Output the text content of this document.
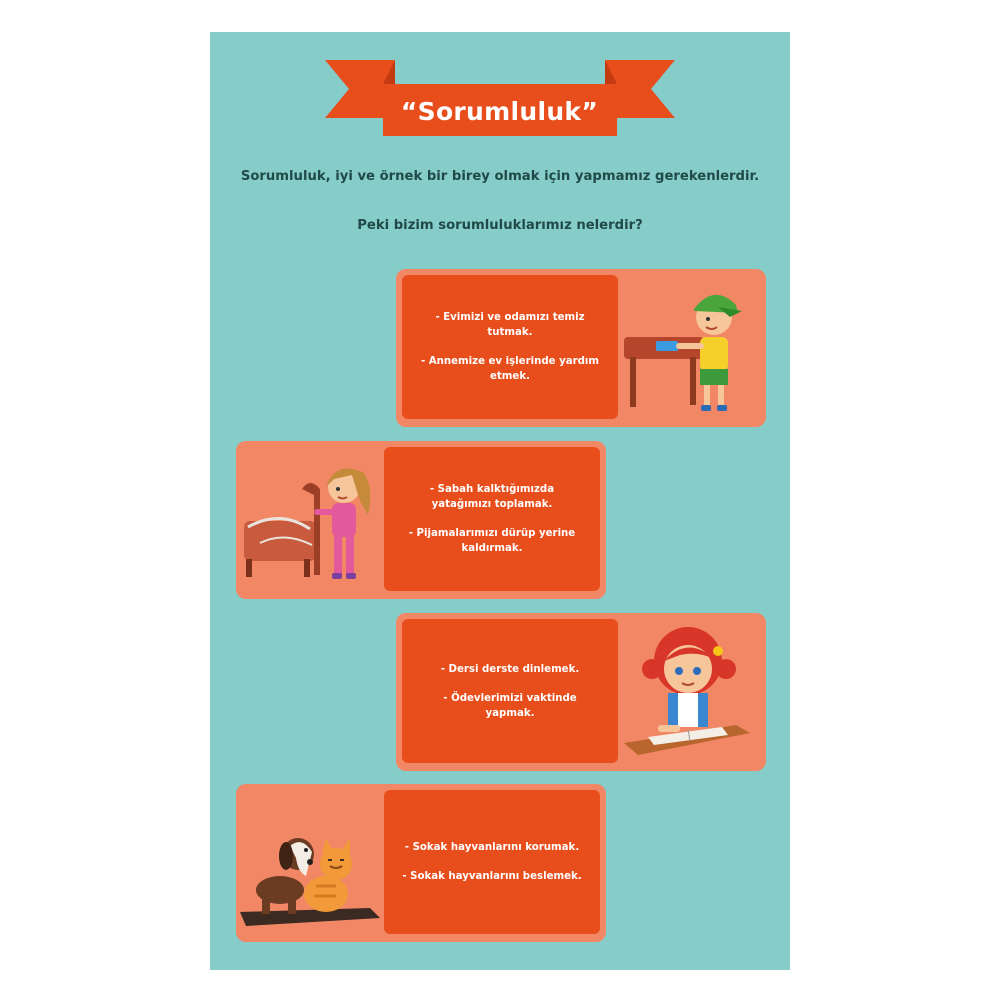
“Sorumluluk”
Sorumluluk, iyi ve örnek bir birey olmak için yapmamız gerekenlerdir.
Peki bizim sorumluluklarımız nelerdir?

- Evimizi ve odamızı temiz tutmak.

- Annemize ev işlerinde yardım etmek.

- Sabah kalktığımızda yatağımızı toplamak.

- Pijamalarımızı dürüp yerine kaldırmak.

- Dersi derste dinlemek.

- Ödevlerimizi vaktinde yapmak.

- Sokak hayvanlarını korumak.

- Sokak hayvanlarını beslemek.
